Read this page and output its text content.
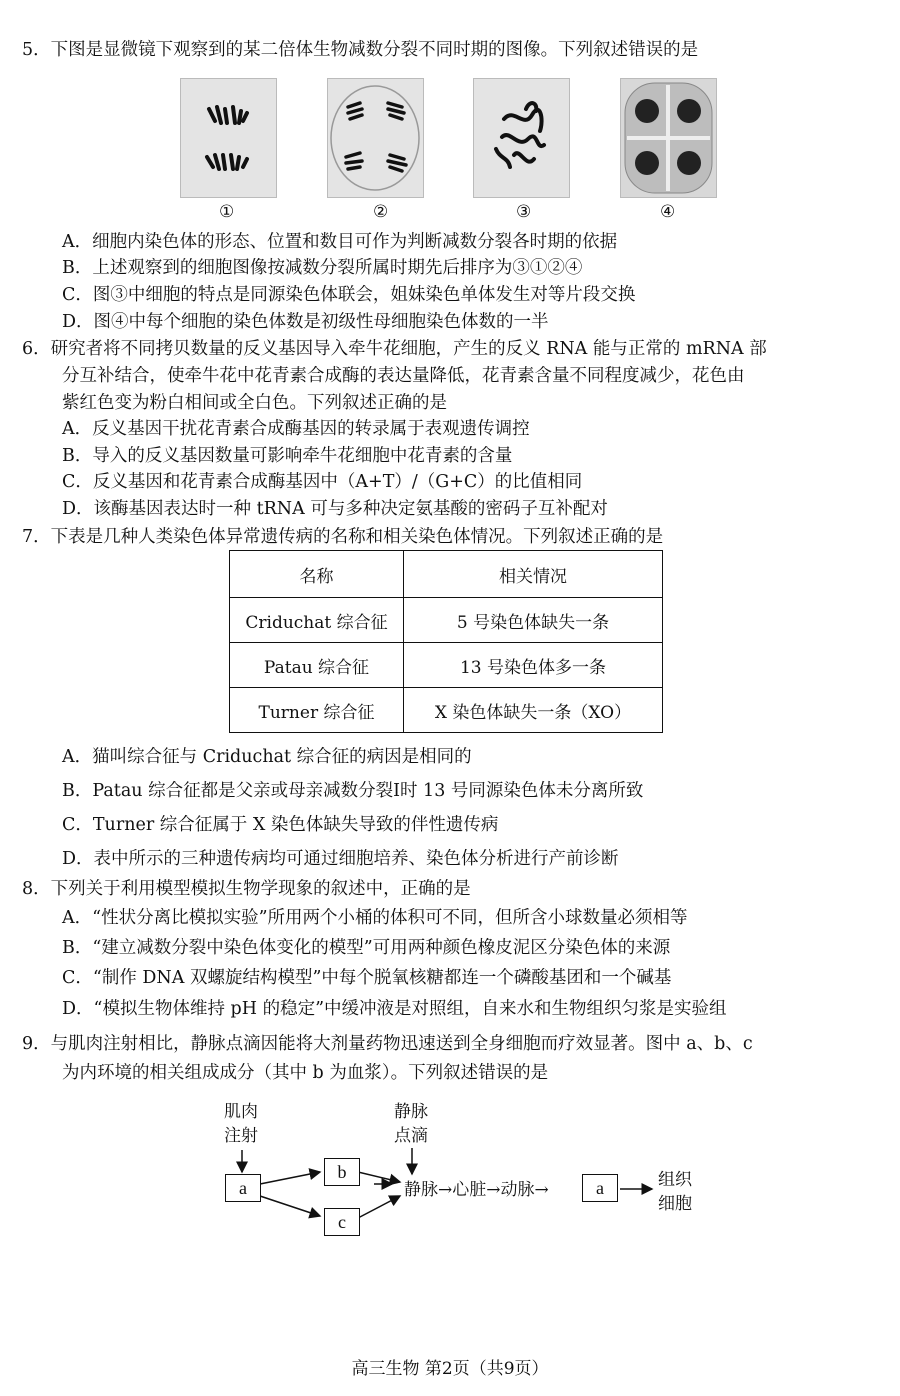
5．下图是显微镜下观察到的某二倍体生物减数分裂不同时期的图像。下列叙述错误的是
①	②	③	④
A．细胞内染色体的形态、位置和数目可作为判断减数分裂各时期的依据
B．上述观察到的细胞图像按减数分裂所属时期先后排序为③①②④
C．图③中细胞的特点是同源染色体联会，姐妹染色单体发生对等片段交换
D．图④中每个细胞的染色体数是初级性母细胞染色体数的一半
6．研究者将不同拷贝数量的反义基因导入牵牛花细胞，产生的反义 RNA 能与正常的 mRNA 部
分互补结合，使牵牛花中花青素合成酶的表达量降低，花青素含量不同程度减少，花色由
紫红色变为粉白相间或全白色。下列叙述正确的是
A．反义基因干扰花青素合成酶基因的转录属于表观遗传调控
B．导入的反义基因数量可影响牵牛花细胞中花青素的含量
C．反义基因和花青素合成酶基因中（A+T）/（G+C）的比值相同
D．该酶基因表达时一种 tRNA 可与多种决定氨基酸的密码子互补配对
7．下表是几种人类染色体异常遗传病的名称和相关染色体情况。下列叙述正确的是
名称	相关情况
Criduchat 综合征	5 号染色体缺失一条
Patau 综合征	13 号染色体多一条
Turner 综合征	X 染色体缺失一条（XO）
A．猫叫综合征与 Criduchat 综合征的病因是相同的
B．Patau 综合征都是父亲或母亲减数分裂Ⅰ时 13 号同源染色体未分离所致
C．Turner 综合征属于 X 染色体缺失导致的伴性遗传病
D．表中所示的三种遗传病均可通过细胞培养、染色体分析进行产前诊断
8．下列关于利用模型模拟生物学现象的叙述中，正确的是
A．“性状分离比模拟实验”所用两个小桶的体积可不同，但所含小球数量必须相等
B．“建立减数分裂中染色体变化的模型”可用两种颜色橡皮泥区分染色体的来源
C．“制作 DNA 双螺旋结构模型”中每个脱氧核糖都连一个磷酸基团和一个碱基
D．“模拟生物体维持 pH 的稳定”中缓冲液是对照组，自来水和生物组织匀浆是实验组
9．与肌肉注射相比，静脉点滴因能将大剂量药物迅速送到全身细胞而疗效显著。图中 a、b、c
为内环境的相关组成成分（其中 b 为血浆）。下列叙述错误的是
肌肉
注射
静脉
点滴
a
b
c
静脉→心脏→动脉→	a	组织
细胞
高三生物 第2页（共9页）
